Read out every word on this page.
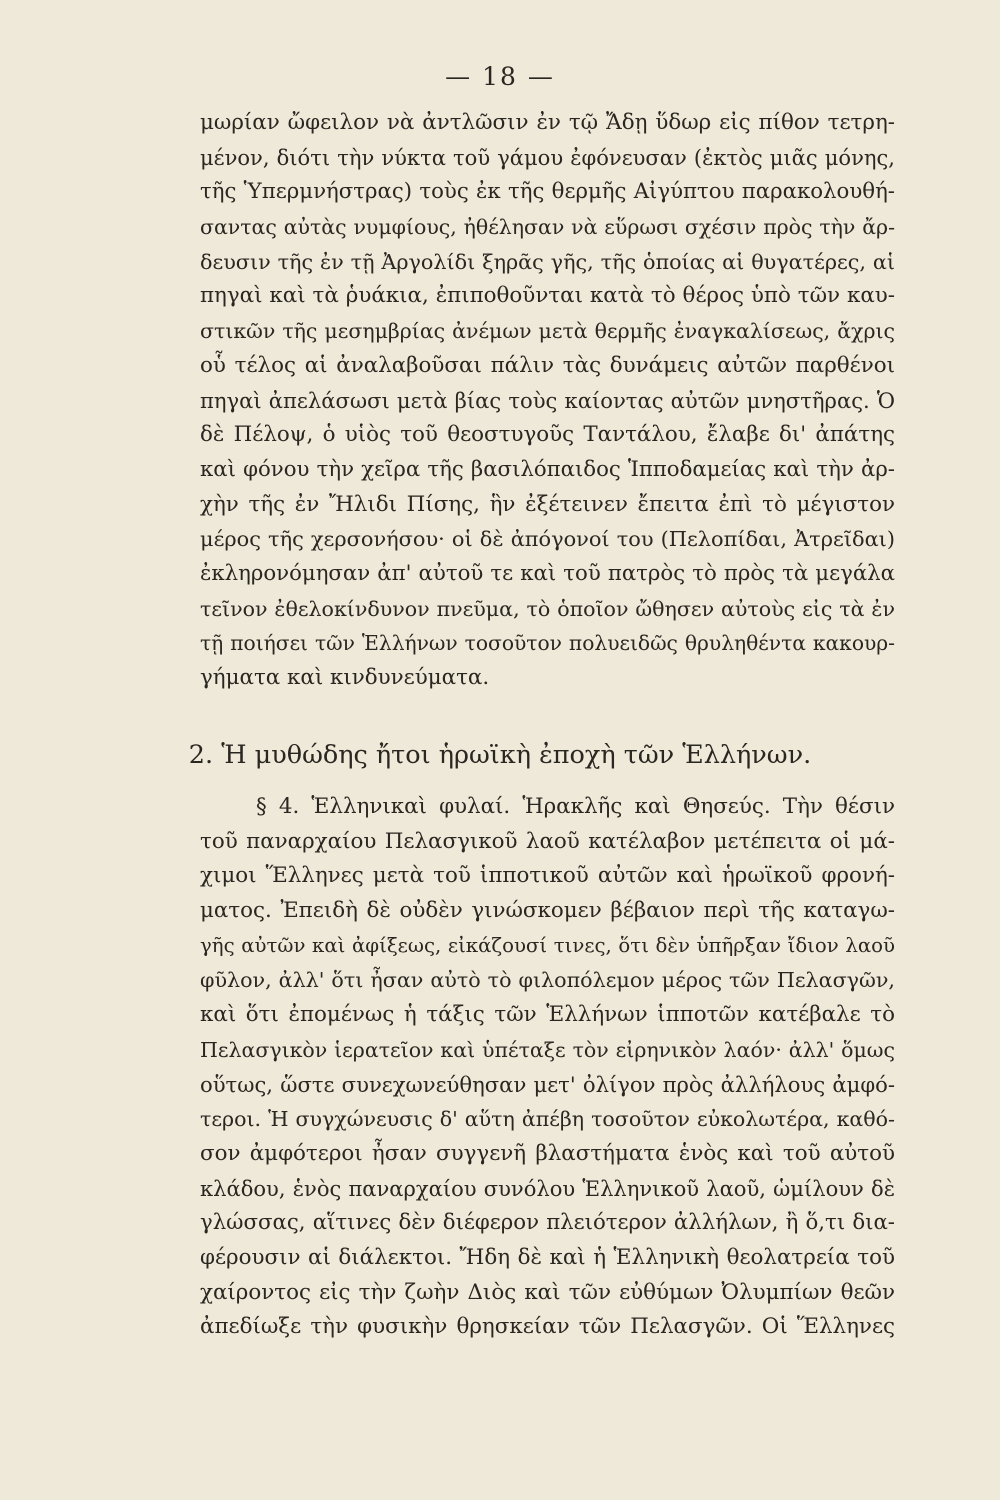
— 18 —
μωρίαν ὤφειλον νὰ ἀντλῶσιν ἐν τῷ Ἄδῃ ὕδωρ εἰς πίθον τετρη-
μένον, διότι τὴν νύκτα τοῦ γάμου ἐφόνευσαν (ἐκτὸς μιᾶς μόνης,
τῆς Ὑπερμνήστρας) τοὺς ἐκ τῆς θερμῆς Αἰγύπτου παρακολουθή-
σαντας αὐτὰς νυμφίους, ἠθέλησαν νὰ εὕρωσι σχέσιν πρὸς τὴν ἄρ-
δευσιν τῆς ἐν τῇ Ἀργολίδι ξηρᾶς γῆς, τῆς ὁποίας αἱ θυγατέρες, αἱ
πηγαὶ καὶ τὰ ῥυάκια, ἐπιποθοῦνται κατὰ τὸ θέρος ὑπὸ τῶν καυ-
στικῶν τῆς μεσημβρίας ἀνέμων μετὰ θερμῆς ἐναγκαλίσεως, ἄχρις
οὗ τέλος αἱ ἀναλαβοῦσαι πάλιν τὰς δυνάμεις αὐτῶν παρθένοι
πηγαὶ ἀπελάσωσι μετὰ βίας τοὺς καίοντας αὐτῶν μνηστῆρας. Ὁ
δὲ Πέλοψ, ὁ υἱὸς τοῦ θεοστυγοῦς Ταντάλου, ἔλαβε δι' ἀπάτης
καὶ φόνου τὴν χεῖρα τῆς βασιλόπαιδος Ἱπποδαμείας καὶ τὴν ἀρ-
χὴν τῆς ἐν Ἤλιδι Πίσης, ἣν ἐξέτεινεν ἔπειτα ἐπὶ τὸ μέγιστον
μέρος τῆς χερσονήσου· οἱ δὲ ἀπόγονοί του (Πελοπίδαι, Ἀτρεῖδαι)
ἐκληρονόμησαν ἀπ' αὐτοῦ τε καὶ τοῦ πατρὸς τὸ πρὸς τὰ μεγάλα
τεῖνον ἐθελοκίνδυνον πνεῦμα, τὸ ὁποῖον ὤθησεν αὐτοὺς εἰς τὰ ἐν
τῇ ποιήσει τῶν Ἑλλήνων τοσοῦτον πολυειδῶς θρυληθέντα κακουρ-
γήματα καὶ κινδυνεύματα.
2. Ἡ μυθώδης ἤτοι ἡρωϊκὴ ἐποχὴ τῶν Ἑλλήνων.
§ 4. Ἑλληνικαὶ φυλαί. Ἡρακλῆς καὶ Θησεύς. Τὴν θέσιν
τοῦ παναρχαίου Πελασγικοῦ λαοῦ κατέλαβον μετέπειτα οἱ μά-
χιμοι Ἕλληνες μετὰ τοῦ ἱπποτικοῦ αὐτῶν καὶ ἡρωϊκοῦ φρονή-
ματος. Ἐπειδὴ δὲ οὐδὲν γινώσκομεν βέβαιον περὶ τῆς καταγω-
γῆς αὐτῶν καὶ ἀφίξεως, εἰκάζουσί τινες, ὅτι δὲν ὑπῆρξαν ἴδιον λαοῦ
φῦλον, ἀλλ' ὅτι ἦσαν αὐτὸ τὸ φιλοπόλεμον μέρος τῶν Πελασγῶν,
καὶ ὅτι ἐπομένως ἡ τάξις τῶν Ἑλλήνων ἱπποτῶν κατέβαλε τὸ
Πελασγικὸν ἱερατεῖον καὶ ὑπέταξε τὸν εἰρηνικὸν λαόν· ἀλλ' ὅμως
οὕτως, ὥστε συνεχωνεύθησαν μετ' ὀλίγον πρὸς ἀλλήλους ἀμφό-
τεροι. Ἡ συγχώνευσις δ' αὕτη ἀπέβη τοσοῦτον εὐκολωτέρα, καθό-
σον ἀμφότεροι ἦσαν συγγενῆ βλαστήματα ἑνὸς καὶ τοῦ αὐτοῦ
κλάδου, ἑνὸς παναρχαίου συνόλου Ἑλληνικοῦ λαοῦ, ὡμίλουν δὲ
γλώσσας, αἵτινες δὲν διέφερον πλειότερον ἀλλήλων, ἢ ὅ,τι δια-
φέρουσιν αἱ διάλεκτοι. Ἤδη δὲ καὶ ἡ Ἑλληνικὴ θεολατρεία τοῦ
χαίροντος εἰς τὴν ζωὴν Διὸς καὶ τῶν εὐθύμων Ὀλυμπίων θεῶν
ἀπεδίωξε τὴν φυσικὴν θρησκείαν τῶν Πελασγῶν. Οἱ Ἕλληνες
